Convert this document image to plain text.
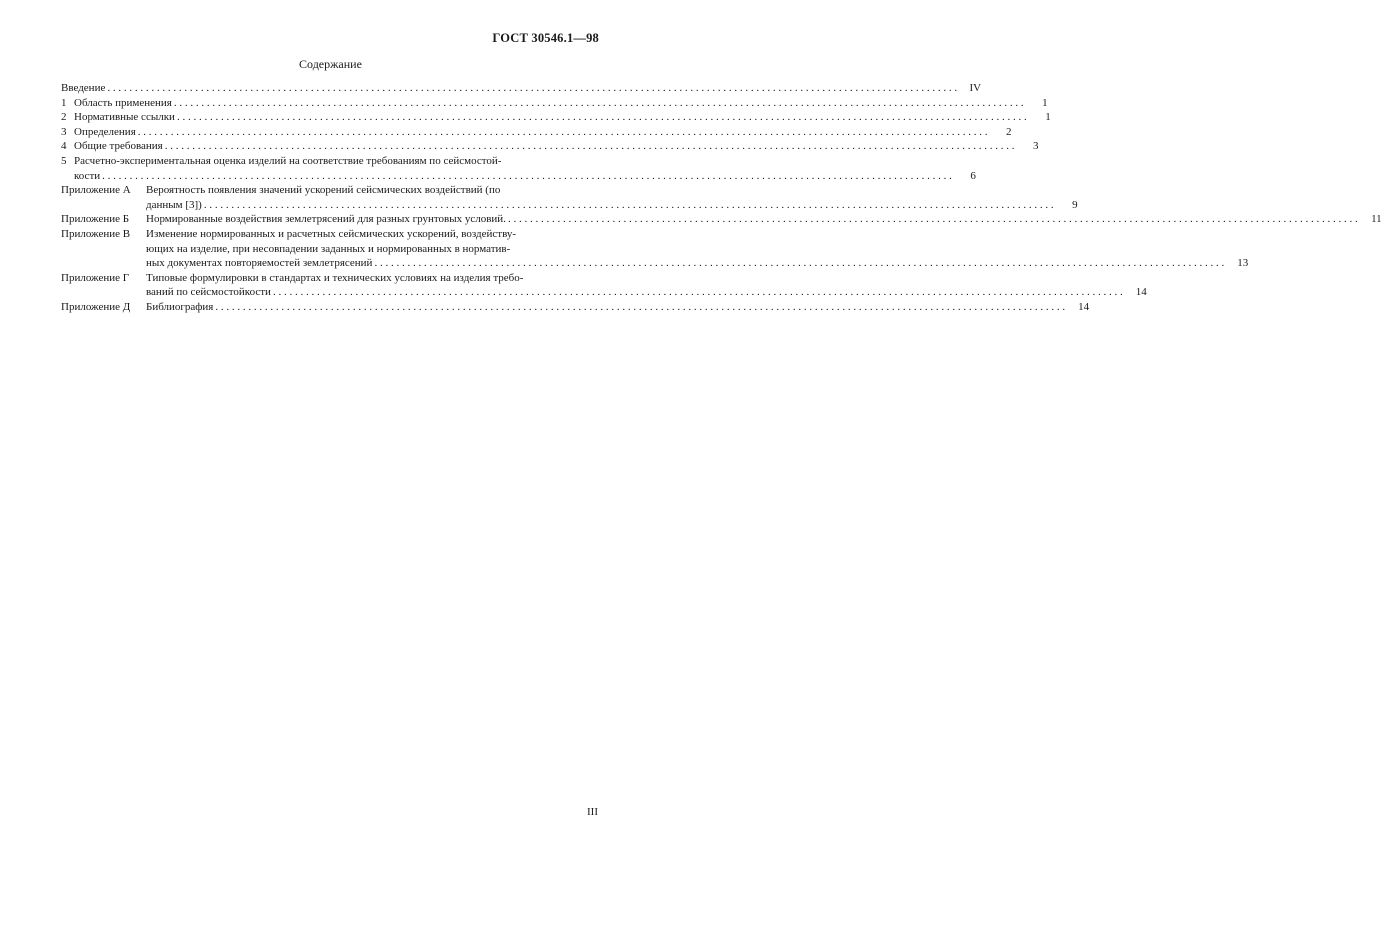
ГОСТ 30546.1—98
Содержание
Введение . . .	IV
1 Область применения . . .	1
2 Нормативные ссылки . . .	1
3 Определения . . .	2
4 Общие требования . . .	3
5 Расчетно-экспериментальная оценка изделий на соответствие требованиям по сейсмостой-
кости . . .	6
Приложение А	Вероятность появления значений ускорений сейсмических воздействий (по
данным [3]) . . .	9
Приложение Б	Нормированные воздействия землетрясений для разных грунтовых условий. . . .	11
Приложение В	Изменение нормированных и расчетных сейсмических ускорений, воздейству-
ющих на изделие, при несовпадении заданных и нормированных в норматив-
ных документах повторяемостей землетрясений . . .	13
Приложение Г	Типовые формулировки в стандартах и технических условиях на изделия требо-
ваний по сейсмостойкости . . .	14
Приложение Д	Библиография . . .	14
III
